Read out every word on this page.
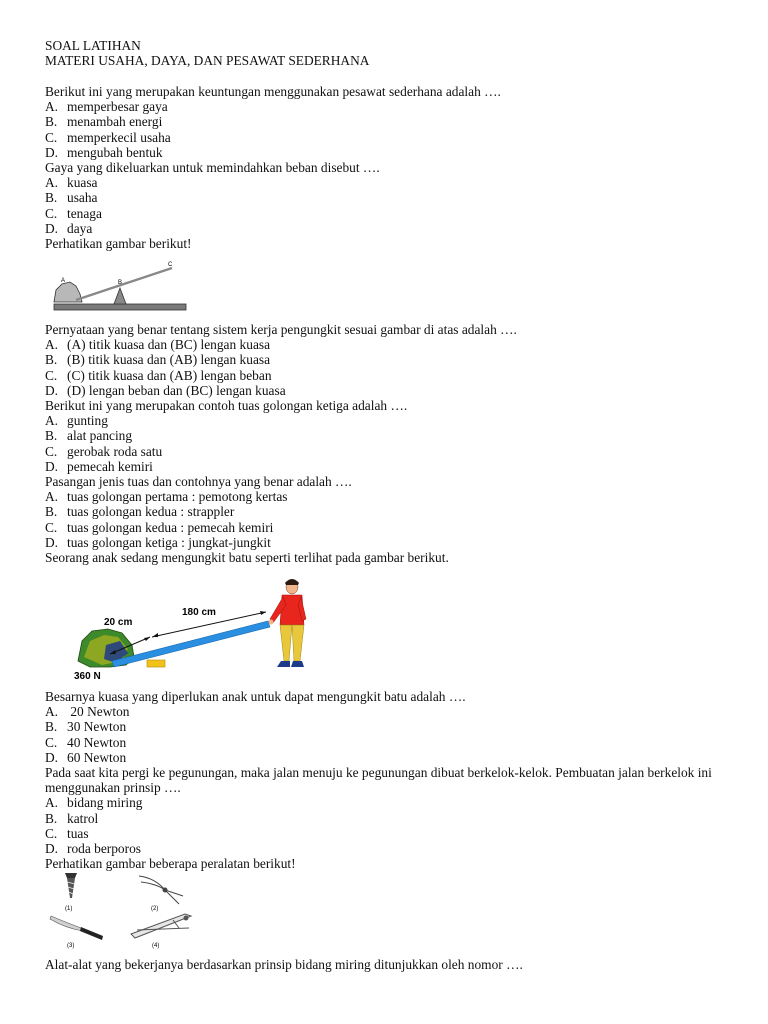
SOAL LATIHAN
MATERI USAHA, DAYA, DAN PESAWAT SEDERHANA
Berikut ini yang merupakan keuntungan menggunakan pesawat sederhana adalah ….
A. memperbesar gaya
B. menambah energi
C. memperkecil usaha
D. mengubah bentuk
Gaya yang dikeluarkan untuk memindahkan beban disebut ….
A. kuasa
B. usaha
C. tenaga
D. daya
Perhatikan gambar berikut!
A	B
C
Pernyataan yang benar tentang sistem kerja pengungkit sesuai gambar di atas adalah ….
A. (A) titik kuasa dan (BC) lengan kuasa
B. (B) titik kuasa dan (AB) lengan kuasa
C. (C) titik kuasa dan (AB) lengan beban
D. (D) lengan beban dan (BC) lengan kuasa
Berikut ini yang merupakan contoh tuas golongan ketiga adalah ….
A. gunting
B. alat pancing
C. gerobak roda satu
D. pemecah kemiri
Pasangan jenis tuas dan contohnya yang benar adalah ….
A. tuas golongan pertama : pemotong kertas
B. tuas golongan kedua : strappler
C. tuas golongan kedua : pemecah kemiri
D. tuas golongan ketiga : jungkat-jungkit
Seorang anak sedang mengungkit batu seperti terlihat pada gambar berikut.
180 cm
20 cm
360 N
Besarnya kuasa yang diperlukan anak untuk dapat mengungkit batu adalah ….
A. 20 Newton
B. 30 Newton
C. 40 Newton
D. 60 Newton
Pada saat kita pergi ke pegunungan, maka jalan menuju ke pegunungan dibuat berkelok-kelok. Pembuatan jalan berkelok ini menggunakan prinsip ….
A. bidang miring
B. katrol
C. tuas
D. roda berporos
Perhatikan gambar beberapa peralatan berikut!
(1)	(2)
(3)	(4)
Alat-alat yang bekerjanya berdasarkan prinsip bidang miring ditunjukkan oleh nomor ….
